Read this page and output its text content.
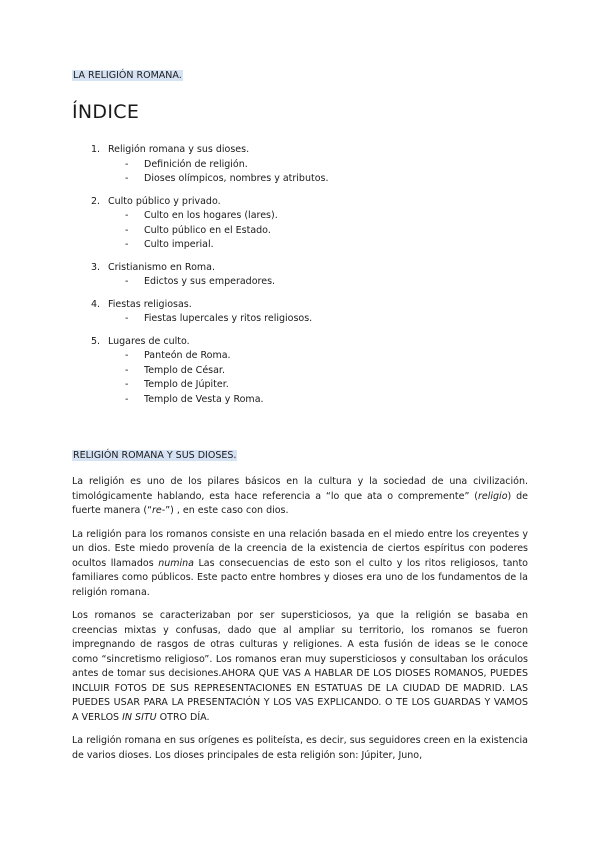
LA RELIGIÓN ROMANA.
ÍNDICE
1. Religión romana y sus dioses.
- Definición de religión.
- Dioses olímpicos, nombres y atributos.
2. Culto público y privado.
- Culto en los hogares (lares).
- Culto público en el Estado.
- Culto imperial.
3. Cristianismo en Roma.
- Edictos y sus emperadores.
4. Fiestas religiosas.
- Fiestas lupercales y ritos religiosos.
5. Lugares de culto.
- Panteón de Roma.
- Templo de César.
- Templo de Júpiter.
- Templo de Vesta y Roma.
RELIGIÓN ROMANA Y SUS DIOSES.

La religión es uno de los pilares básicos en la cultura y la sociedad de una civilización. timológicamente hablando, esta hace referencia a “lo que ata o compremente” (religio) de fuerte manera (“re-”) , en este caso con dios.

La religión para los romanos consiste en una relación basada en el miedo entre los creyentes y un dios. Este miedo provenía de la creencia de la existencia de ciertos espíritus con poderes ocultos llamados numina Las consecuencias de esto son el culto y los ritos religiosos, tanto familiares como públicos. Este pacto entre hombres y dioses era uno de los fundamentos de la religión romana.

Los romanos se caracterizaban por ser supersticiosos, ya que la religión se basaba en creencias mixtas y confusas, dado que al ampliar su territorio, los romanos se fueron impregnando de rasgos de otras culturas y religiones. A esta fusión de ideas se le conoce como “sincretismo religioso”. Los romanos eran muy supersticiosos y consultaban los oráculos antes de tomar sus decisiones.AHORA QUE VAS A HABLAR DE LOS DIOSES ROMANOS, PUEDES INCLUIR FOTOS DE SUS REPRESENTACIONES EN ESTATUAS DE LA CIUDAD DE MADRID. LAS PUEDES USAR PARA LA PRESENTACIÓN Y LOS VAS EXPLICANDO. O TE LOS GUARDAS Y VAMOS A VERLOS IN SITU OTRO DÍA.

La religión romana en sus orígenes es politeísta, es decir, sus seguidores creen en la existencia de varios dioses. Los dioses principales de esta religión son: Júpiter, Juno,
